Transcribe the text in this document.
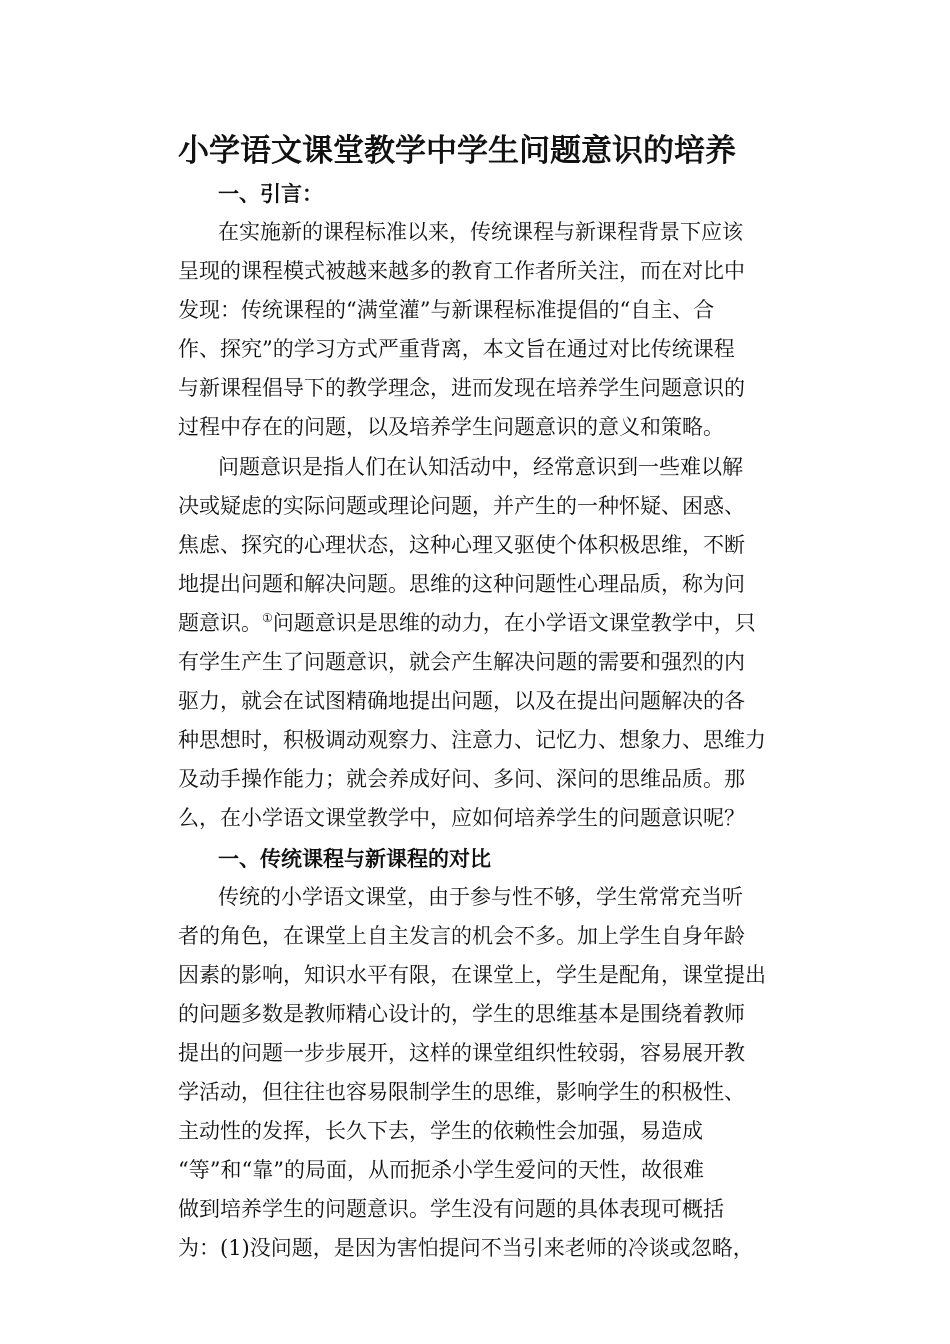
小学语文课堂教学中学生问题意识的培养
一、引言：
在实施新的课程标准以来，传统课程与新课程背景下应该
呈现的课程模式被越来越多的教育工作者所关注，而在对比中
发现：传统课程的“满堂灌”与新课程标准提倡的“自主、合
作、探究”的学习方式严重背离，本文旨在通过对比传统课程
与新课程倡导下的教学理念，进而发现在培养学生问题意识的
过程中存在的问题，以及培养学生问题意识的意义和策略。
问题意识是指人们在认知活动中，经常意识到一些难以解
决或疑虑的实际问题或理论问题，并产生的一种怀疑、困惑、
焦虑、探究的心理状态，这种心理又驱使个体积极思维，不断
地提出问题和解决问题。思维的这种问题性心理品质，称为问
题意识。①问题意识是思维的动力，在小学语文课堂教学中，只
有学生产生了问题意识，就会产生解决问题的需要和强烈的内
驱力，就会在试图精确地提出问题，以及在提出问题解决的各
种思想时，积极调动观察力、注意力、记忆力、想象力、思维力
及动手操作能力；就会养成好问、多问、深问的思维品质。那
么，在小学语文课堂教学中，应如何培养学生的问题意识呢？
一、传统课程与新课程的对比
传统的小学语文课堂，由于参与性不够，学生常常充当听
者的角色，在课堂上自主发言的机会不多。加上学生自身年龄
因素的影响，知识水平有限，在课堂上，学生是配角，课堂提出
的问题多数是教师精心设计的，学生的思维基本是围绕着教师
提出的问题一步步展开，这样的课堂组织性较弱，容易展开教
学活动，但往往也容易限制学生的思维，影响学生的积极性、
主动性的发挥，长久下去，学生的依赖性会加强，易造成
“等”和“靠”的局面，从而扼杀小学生爱问的天性，故很难
做到培养学生的问题意识。学生没有问题的具体表现可概括
为：(1)没问题，是因为害怕提问不当引来老师的冷谈或忽略，
